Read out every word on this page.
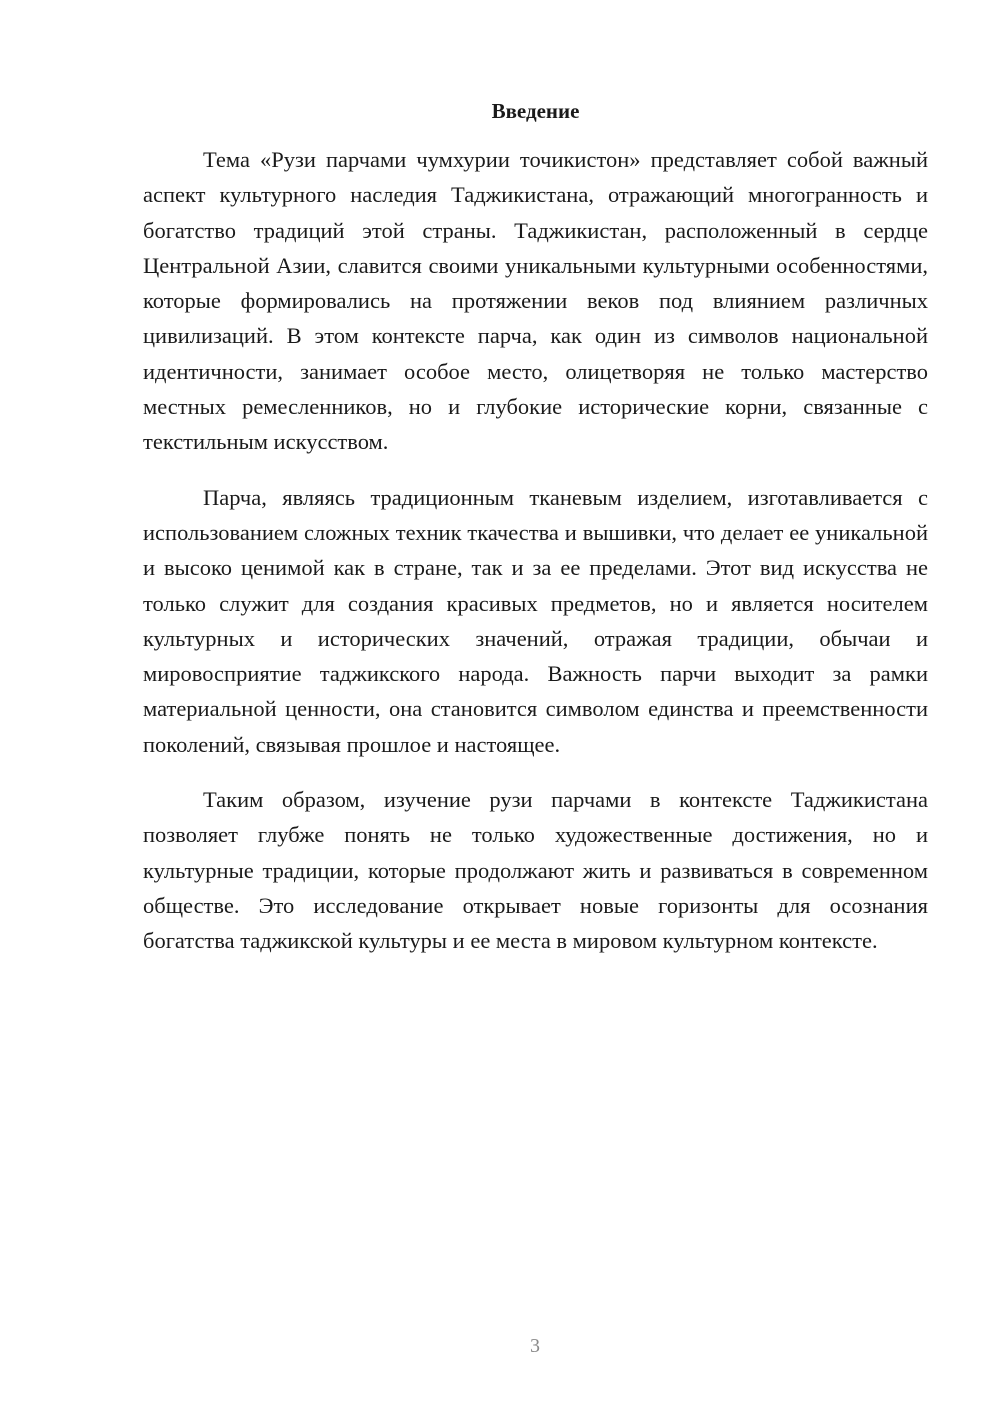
Введение

Тема «Рузи парчами чумхурии точикистон» представляет собой важный аспект культурного наследия Таджикистана, отражающий многогранность и богатство традиций этой страны. Таджикистан, расположенный в сердце Центральной Азии, славится своими уникальными культурными особенностями, которые формировались на протяжении веков под влиянием различных цивилизаций. В этом контексте парча, как один из символов национальной идентичности, занимает особое место, олицетворяя не только мастерство местных ремесленников, но и глубокие исторические корни, связанные с текстильным искусством.

Парча, являясь традиционным тканевым изделием, изготавливается с использованием сложных техник ткачества и вышивки, что делает ее уникальной и высоко ценимой как в стране, так и за ее пределами. Этот вид искусства не только служит для создания красивых предметов, но и является носителем культурных и исторических значений, отражая традиции, обычаи и мировосприятие таджикского народа. Важность парчи выходит за рамки материальной ценности, она становится символом единства и преемственности поколений, связывая прошлое и настоящее.

Таким образом, изучение рузи парчами в контексте Таджикистана позволяет глубже понять не только художественные достижения, но и культурные традиции, которые продолжают жить и развиваться в современном обществе. Это исследование открывает новые горизонты для осознания богатства таджикской культуры и ее места в мировом культурном контексте.

3
